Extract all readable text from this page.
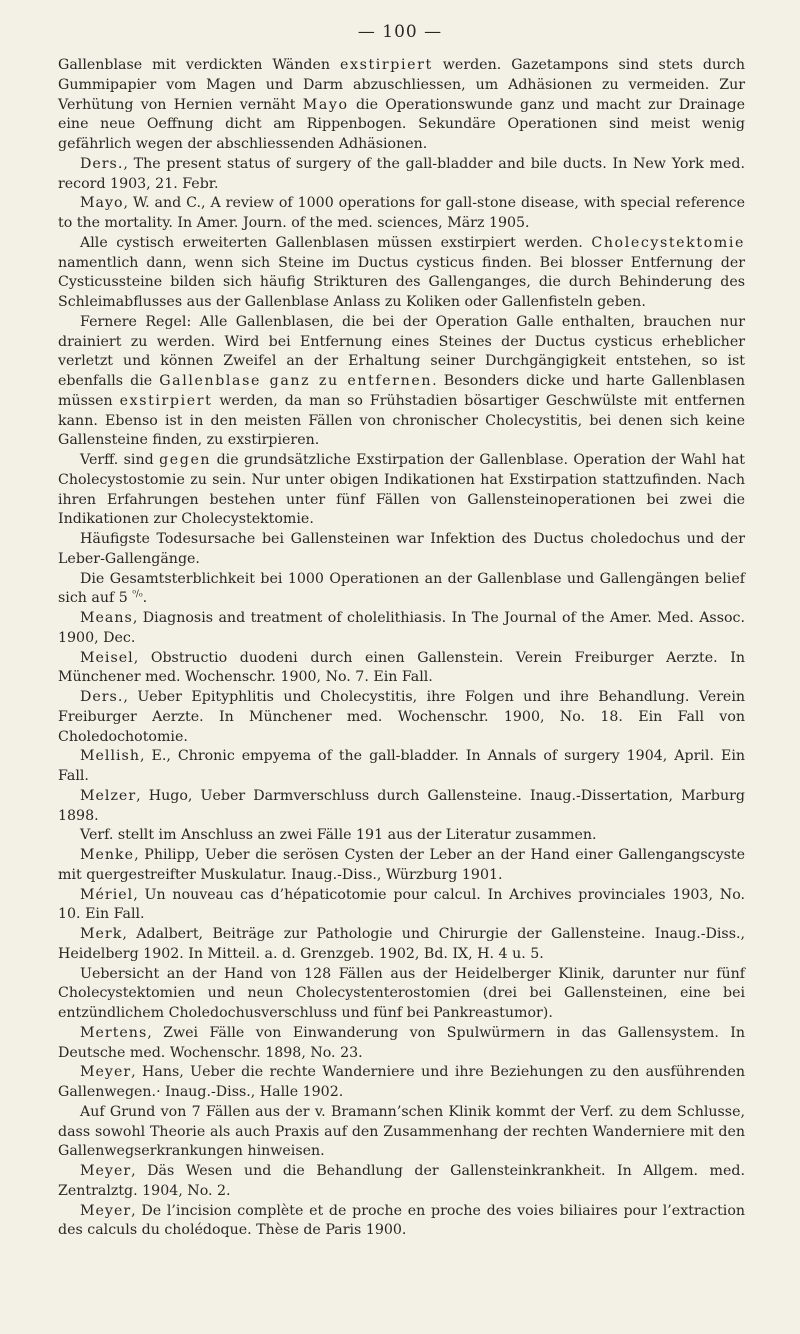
— 100 —

Gallenblase mit verdickten Wänden exstirpiert werden. Gazetampons sind stets durch Gummipapier vom Magen und Darm abzuschliessen, um Adhäsionen zu vermeiden. Zur Verhütung von Hernien vernäht Mayo die Operationswunde ganz und macht zur Drainage eine neue Oeffnung dicht am Rippenbogen. Sekundäre Operationen sind meist wenig gefährlich wegen der abschliessenden Adhäsionen.

Ders., The present status of surgery of the gall-bladder and bile ducts. In New York med. record 1903, 21. Febr.

Mayo, W. and C., A review of 1000 operations for gall-stone disease, with special reference to the mortality. In Amer. Journ. of the med. sciences, März 1905.

Alle cystisch erweiterten Gallenblasen müssen exstirpiert werden. Cholecystektomie namentlich dann, wenn sich Steine im Ductus cysticus finden. Bei blosser Entfernung der Cysticussteine bilden sich häufig Strikturen des Gallenganges, die durch Behinderung des Schleimabflusses aus der Gallenblase Anlass zu Koliken oder Gallenfisteln geben.

Fernere Regel: Alle Gallenblasen, die bei der Operation Galle enthalten, brauchen nur drainiert zu werden. Wird bei Entfernung eines Steines der Ductus cysticus erheblicher verletzt und können Zweifel an der Erhaltung seiner Durchgängigkeit entstehen, so ist ebenfalls die Gallenblase ganz zu entfernen. Besonders dicke und harte Gallenblasen müssen exstirpiert werden, da man so Frühstadien bösartiger Geschwülste mit entfernen kann. Ebenso ist in den meisten Fällen von chronischer Cholecystitis, bei denen sich keine Gallensteine finden, zu exstirpieren.

Verff. sind gegen die grundsätzliche Exstirpation der Gallenblase. Operation der Wahl hat Cholecystostomie zu sein. Nur unter obigen Indikationen hat Exstirpation stattzufinden. Nach ihren Erfahrungen bestehen unter fünf Fällen von Gallensteinoperationen bei zwei die Indikationen zur Cholecystektomie.

Häufigste Todesursache bei Gallensteinen war Infektion des Ductus choledochus und der Leber-Gallengänge.

Die Gesamtsterblichkeit bei 1000 Operationen an der Gallenblase und Gallengängen belief sich auf 5 $^{^0/_0}$.

Means, Diagnosis and treatment of cholelithiasis. In The Journal of the Amer. Med. Assoc. 1900, Dec.

Meisel, Obstructio duodeni durch einen Gallenstein. Verein Freiburger Aerzte. In Münchener med. Wochenschr. 1900, No. 7. Ein Fall.

Ders., Ueber Epityphlitis und Cholecystitis, ihre Folgen und ihre Behandlung. Verein Freiburger Aerzte. In Münchener med. Wochenschr. 1900, No. 18. Ein Fall von Choledochotomie.

Mellish, E., Chronic empyema of the gall-bladder. In Annals of surgery 1904, April. Ein Fall.

Melzer, Hugo, Ueber Darmverschluss durch Gallensteine. Inaug.-Dissertation, Marburg 1898.

Verf. stellt im Anschluss an zwei Fälle 191 aus der Literatur zusammen.

Menke, Philipp, Ueber die serösen Cysten der Leber an der Hand einer Gallengangscyste mit quergestreifter Muskulatur. Inaug.-Diss., Würzburg 1901.

Mériel, Un nouveau cas d’hépaticotomie pour calcul. In Archives provinciales 1903, No. 10. Ein Fall.

Merk, Adalbert, Beiträge zur Pathologie und Chirurgie der Gallensteine. Inaug.-Diss., Heidelberg 1902. In Mitteil. a. d. Grenzgeb. 1902, Bd. IX, H. 4 u. 5.

Uebersicht an der Hand von 128 Fällen aus der Heidelberger Klinik, darunter nur fünf Cholecystektomien und neun Cholecystenterostomien (drei bei Gallensteinen, eine bei entzündlichem Choledochusverschluss und fünf bei Pankreastumor).

Mertens, Zwei Fälle von Einwanderung von Spulwürmern in das Gallensystem. In Deutsche med. Wochenschr. 1898, No. 23.

Meyer, Hans, Ueber die rechte Wanderniere und ihre Beziehungen zu den ausführenden Gallenwegen.· Inaug.-Diss., Halle 1902.

Auf Grund von 7 Fällen aus der v. Bramann’schen Klinik kommt der Verf. zu dem Schlusse, dass sowohl Theorie als auch Praxis auf den Zusammenhang der rechten Wanderniere mit den Gallenwegserkrankungen hinweisen.

Meyer, Däs Wesen und die Behandlung der Gallensteinkrankheit. In Allgem. med. Zentralztg. 1904, No. 2.

Meyer, De l’incision complète et de proche en proche des voies biliaires pour l’extraction des calculs du cholédoque. Thèse de Paris 1900.
